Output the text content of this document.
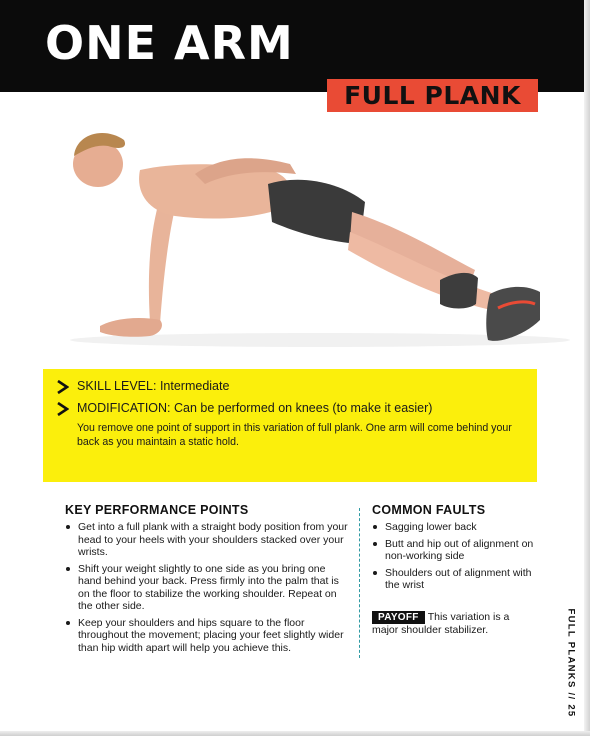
ONE ARM
FULL PLANK
SKILL LEVEL: Intermediate
MODIFICATION: Can be performed on knees (to make it easier)
You remove one point of support in this variation of full plank. One arm will come behind your back as you maintain a static hold.
KEY PERFORMANCE POINTS
Get into a full plank with a straight body position from your head to your heels with your shoulders stacked over your wrists.
Shift your weight slightly to one side as you bring one hand behind your back. Press firmly into the palm that is on the floor to stabilize the working shoulder. Repeat on the other side.
Keep your shoulders and hips square to the floor throughout the movement; placing your feet slightly wider than hip width apart will help you achieve this.
COMMON FAULTS
Sagging lower back
Butt and hip out of alignment on non-working side
Shoulders out of alignment with the wrist
PAYOFF This variation is a major shoulder stabilizer.	FULL PLANKS // 25
